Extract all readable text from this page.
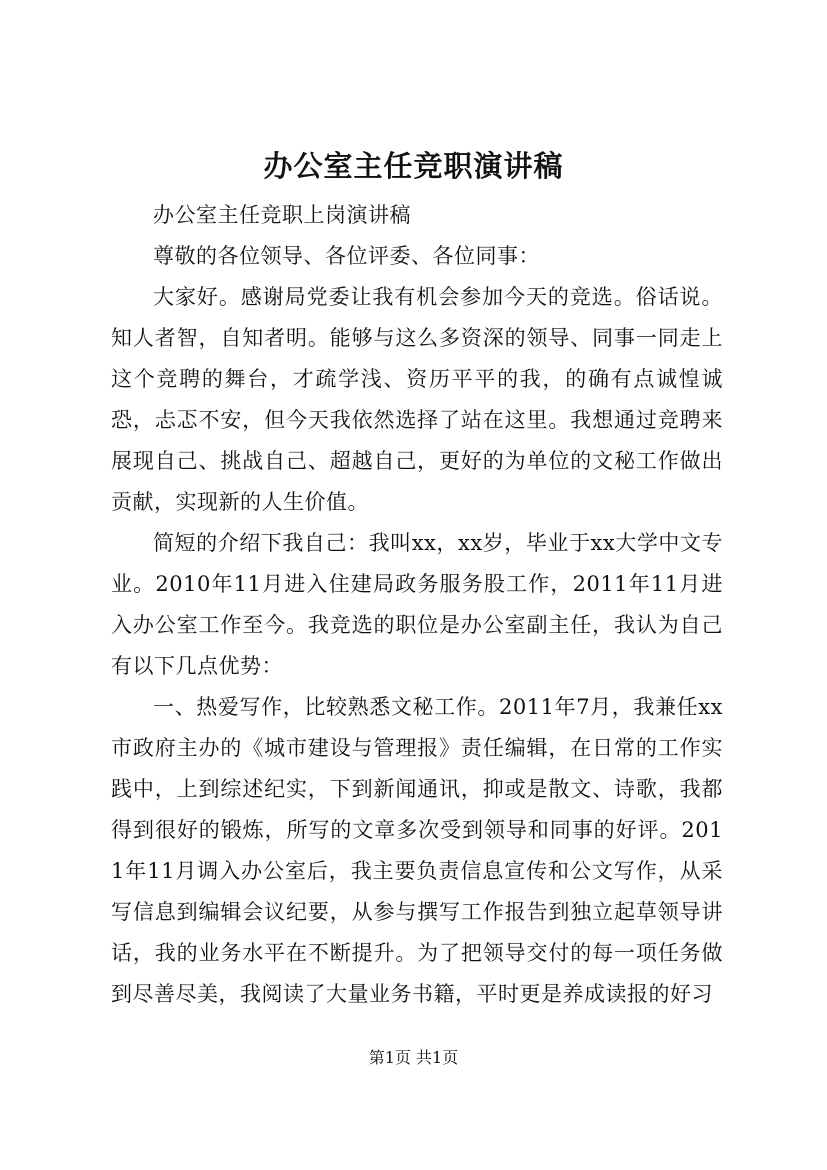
办公室主任竞职演讲稿

办公室主任竞职上岗演讲稿

尊敬的各位领导、各位评委、各位同事：

大家好。感谢局党委让我有机会参加今天的竞选。俗话说。知人者智，自知者明。能够与这么多资深的领导、同事一同走上这个竞聘的舞台，才疏学浅、资历平平的我，的确有点诚惶诚恐，忐忑不安，但今天我依然选择了站在这里。我想通过竞聘来展现自己、挑战自己、超越自己，更好的为单位的文秘工作做出贡献，实现新的人生价值。

简短的介绍下我自己：我叫xx，xx岁，毕业于xx大学中文专业。2010年11月进入住建局政务服务股工作，2011年11月进入办公室工作至今。我竞选的职位是办公室副主任，我认为自己有以下几点优势：

一、热爱写作，比较熟悉文秘工作。2011年7月，我兼任xx市政府主办的《城市建设与管理报》责任编辑，在日常的工作实践中，上到综述纪实，下到新闻通讯，抑或是散文、诗歌，我都得到很好的锻炼，所写的文章多次受到领导和同事的好评。2011年11月调入办公室后，我主要负责信息宣传和公文写作，从采写信息到编辑会议纪要，从参与撰写工作报告到独立起草领导讲话，我的业务水平在不断提升。为了把领导交付的每一项任务做到尽善尽美，我阅读了大量业务书籍，平时更是养成读报的好习

第1页 共1页
